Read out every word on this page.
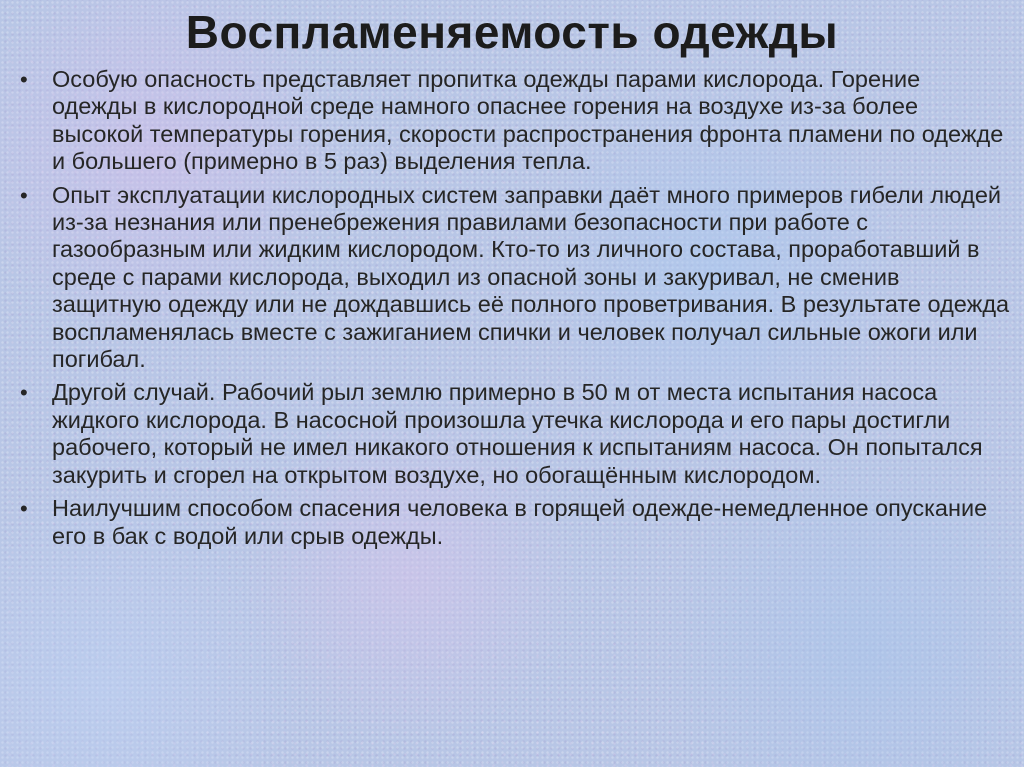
Воспламеняемость одежды
•	Особую опасность представляет пропитка одежды парами кислорода. Горение одежды в кислородной среде намного опаснее горения на воздухе из-за более высокой температуры горения, скорости распространения фронта пламени по одежде и большего (примерно в 5 раз) выделения тепла.
•	Опыт эксплуатации кислородных систем заправки даёт много примеров гибели людей из-за незнания или пренебрежения правилами безопасности при работе с газообразным или жидким кислородом. Кто-то из личного состава, проработавший в среде с парами кислорода, выходил из опасной зоны и закуривал, не сменив защитную одежду или не дождавшись её полного проветривания. В результате одежда воспламенялась вместе с зажиганием спички и человек получал сильные ожоги или погибал.
•	Другой случай. Рабочий рыл землю примерно в 50 м от места испытания насоса жидкого кислорода. В насосной произошла утечка кислорода и его пары достигли рабочего, который не имел никакого отношения к испытаниям насоса. Он попытался закурить и сгорел на открытом воздухе, но обогащённым кислородом.
•	Наилучшим способом спасения человека в горящей одежде-немедленное опускание его в бак с водой или срыв одежды.
